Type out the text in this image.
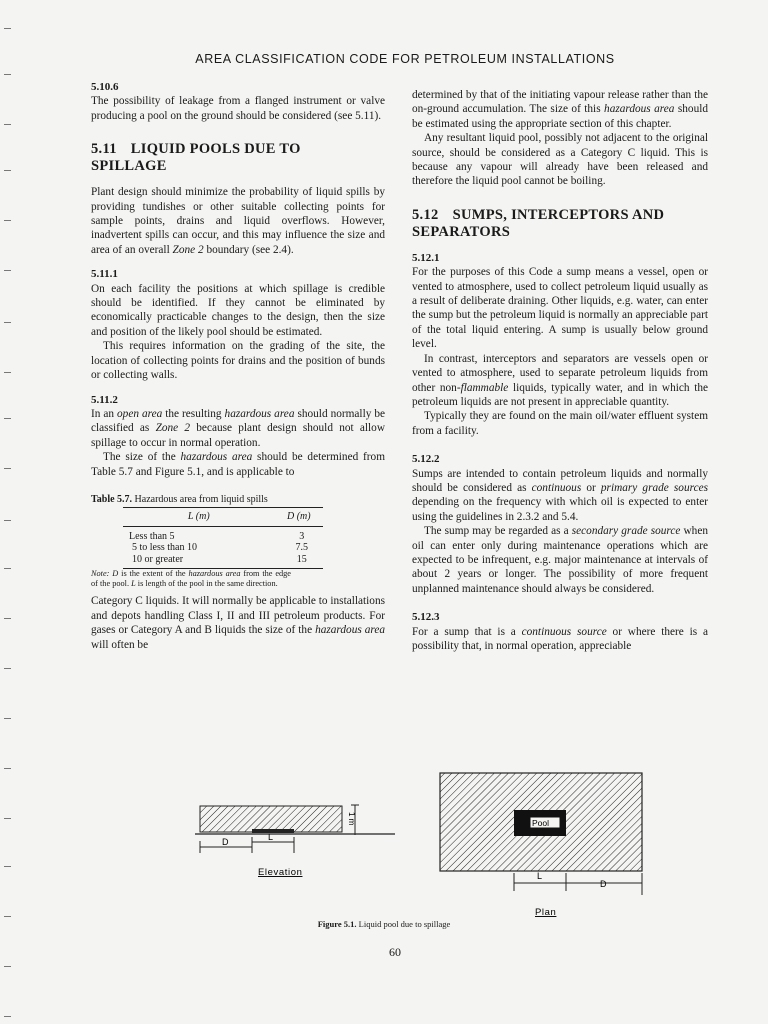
AREA CLASSIFICATION CODE FOR PETROLEUM INSTALLATIONS

5.10.6

The possibility of leakage from a flanged instrument or valve producing a pool on the ground should be considered (see 5.11).

5.11 LIQUID POOLS DUE TO

SPILLAGE

Plant design should minimize the probability of liquid spills by providing tundishes or other suitable collecting points for sample points, drains and liquid overflows. However, inadvertent spills can occur, and this may influence the size and area of an overall Zone 2 boundary (see 2.4).

5.11.1

On each facility the positions at which spillage is credible should be identified. If they cannot be eliminated by economically practicable changes to the design, then the size and position of the likely pool should be estimated.

This requires information on the grading of the site, the location of collecting points for drains and the position of bunds or collecting walls.

5.11.2

In an open area the resulting hazardous area should normally be classified as Zone 2 because plant design should not allow spillage to occur in normal operation.

The size of the hazardous area should be determined from Table 5.7 and Figure 5.1, and is applicable to

Table 5.7. Hazardous area from liquid spills

L (m)	D (m)
Less than 5	3
5 to less than 10	7.5
10 or greater	15

Note: D is the extent of the hazardous area from the edge of the pool. L is length of the pool in the same direction.

Category C liquids. It will normally be applicable to installations and depots handling Class I, II and III petroleum products. For gases or Category A and B liquids the size of the hazardous area will often be

determined by that of the initiating vapour release rather than the on-ground accumulation. The size of this hazardous area should be estimated using the appropriate section of this chapter.

Any resultant liquid pool, possibly not adjacent to the original source, should be considered as a Category C liquid. This is because any vapour will already have been released and therefore the liquid pool cannot be boiling.

5.12 SUMPS, INTERCEPTORS AND

SEPARATORS

5.12.1

For the purposes of this Code a sump means a vessel, open or vented to atmosphere, used to collect petroleum liquid usually as a result of deliberate draining. Other liquids, e.g. water, can enter the sump but the petroleum liquid is normally an appreciable part of the total liquid entering. A sump is usually below ground level.

In contrast, interceptors and separators are vessels open or vented to atmosphere, used to separate petroleum liquids from other non-flammable liquids, typically water, and in which the petroleum liquids are not present in appreciable quantity.

Typically they are found on the main oil/water effluent system from a facility.

5.12.2

Sumps are intended to contain petroleum liquids and normally should be considered as continuous or primary grade sources depending on the frequency with which oil is expected to enter using the guidelines in 2.3.2 and 5.4.

The sump may be regarded as a secondary grade source when oil can enter only during maintenance operations which are expected to be infrequent, e.g. major maintenance at intervals of about 2 years or longer. The possibility of more frequent unplanned maintenance should always be considered.

5.12.3

For a sump that is a continuous source or where there is a possibility that, in normal operation, appreciable

D	L
1 m
Elevation
Pool
L
D
Plan
Figure 5.1. Liquid pool due to spillage
60
